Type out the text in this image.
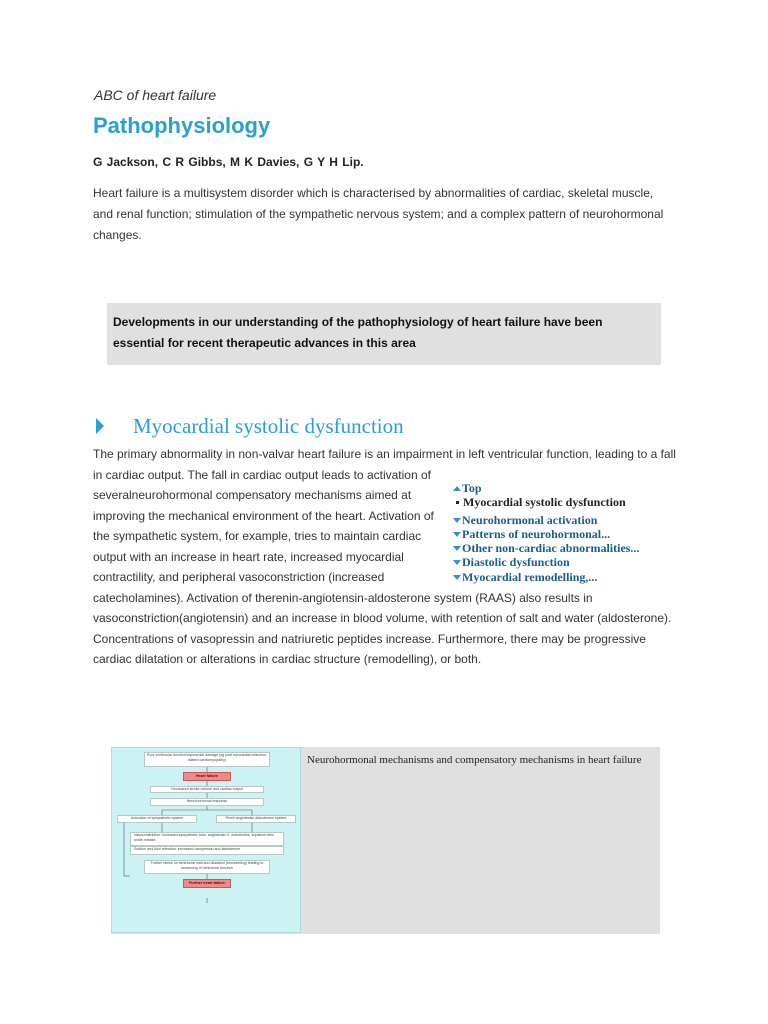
ABC of heart failure
Pathophysiology
G Jackson, C R Gibbs, M K Davies, G Y H Lip.
Heart failure is a multisystem disorder which is characterised by abnormalities of cardiac, skeletal muscle, and renal function; stimulation of the sympathetic nervous system; and a complex pattern of neurohormonal changes.

Developments in our understanding of the pathophysiology of heart failure have been essential for recent therapeutic advances in this area

Myocardial systolic dysfunction
The primary abnormality in non-valvar heart failure is an impairment in left ventricular function, leading to a fall in cardiac output. The fall in cardiac output leads to activation of severalneurohormonal compensatory mechanisms aimed at improving the mechanical environment of the heart. Activation of the sympathetic system, for example, tries to maintain cardiac output with an increase in heart rate, increased myocardial contractility, and peripheral vasoconstriction (increased catecholamines). Activation of therenin-angiotensin-aldosterone system (RAAS) also results in vasoconstriction(angiotensin) and an increase in blood volume, with retention of salt and water (aldosterone). Concentrations of vasopressin and natriuretic peptides increase. Furthermore, there may be progressive cardiac dilatation or alterations in cardiac structure (remodelling), or both.
Top
Myocardial systolic dysfunction
Neurohormonal activation
Patterns of neurohormonal...
Other non-cardiac abnormalities...
Diastolic dysfunction
Myocardial remodelling,...
Poor ventricular function/myocardial damage (eg post myocardial infarction, dilated cardiomyopathy)
Heart failure
Decreased stroke volume and cardiac output
Neurohormonal response
Activation of sympathetic system	Renin angiotensin aldosterone system
Vasoconstriction: increased sympathetic tone, angiotensin II, endothelins, impaired nitric oxide release
Sodium and fluid retention: increased vasopressin and aldosterone
Further stress on ventricular wall and dilatation (remodelling) leading to worsening of ventricular function
Further heart failure
Neurohormonal mechanisms and compensatory mechanisms in heart failure
